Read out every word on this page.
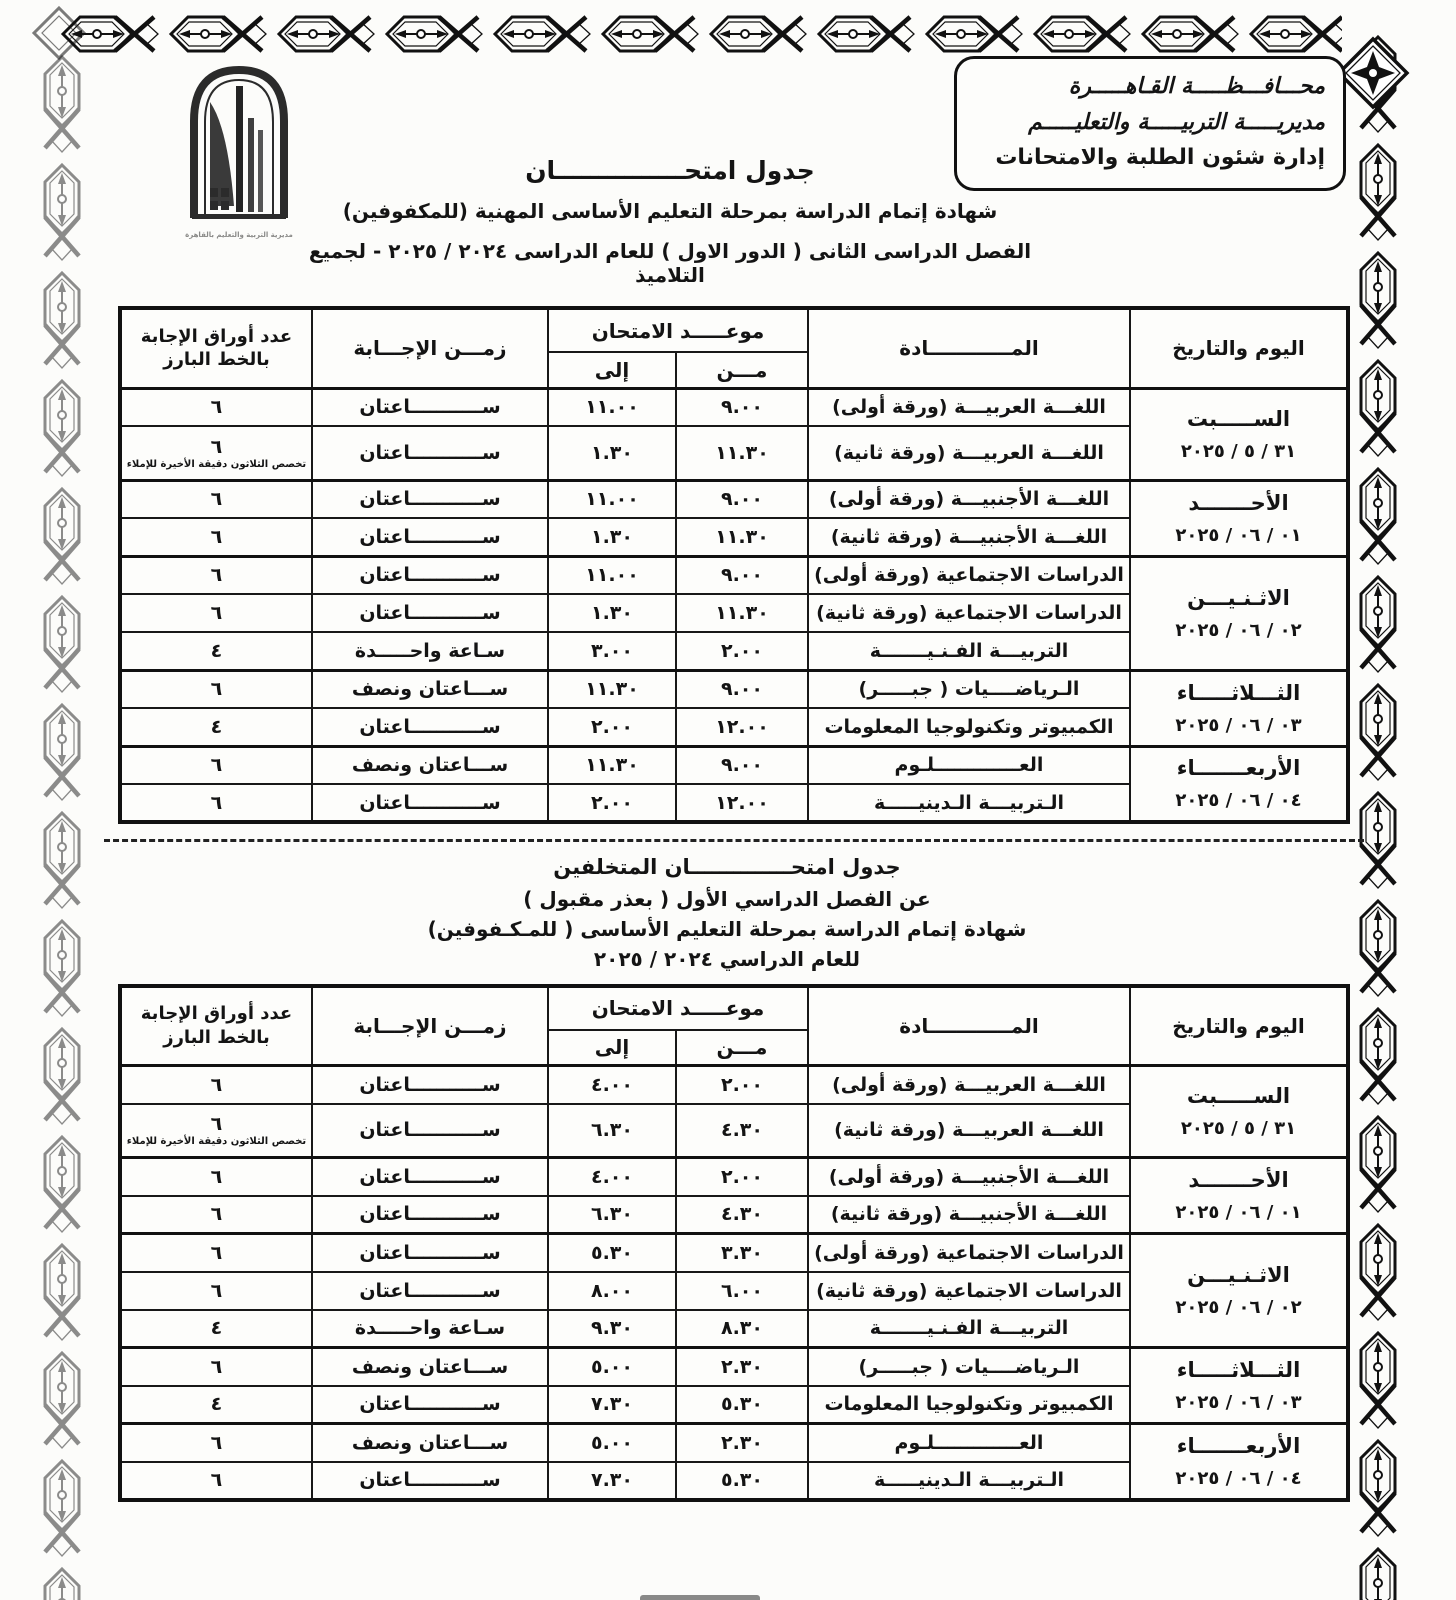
محـــافـــظـــــة القـاهـــــرة
مديريـــــة التربيـــــة والتعليـــــم
إدارة شئون الطلبة والامتحانات
مديرية التربية والتعليم بالقاهرة
جدول امتحـــــــــــــــان
شهادة إتمام الدراسة بمرحلة التعليم الأساسى المهنية (للمكفوفين)
الفصل الدراسى الثانى ( الدور الاول ) للعام الدراسى ٢٠٢٤ / ٢٠٢٥ - لجميع التلاميذ
اليوم والتاريخ	المــــــــــــادة	موعـــــد الامتحان		زمـــن الإجـــابة	عدد أوراق الإجابة
بالخط البارز

		مـــن	إلى		

الســـــبت
٣١ / ٥ / ٢٠٢٥	اللغـــة العربيـــة (ورقة أولى)	٩.٠٠	١١.٠٠	ســـــــــــاعتان	٦
	اللغـــة العربيـــة (ورقة ثانية)	١١.٣٠	١.٣٠	ســـــــــــاعتان	٦
تخصص الثلاثون دقيقة الأخيرة للإملاء

الأحـــــــد
٠١ / ٠٦ / ٢٠٢٥	اللغـــة الأجنبيـــة (ورقة أولى)	٩.٠٠	١١.٠٠	ســـــــــــاعتان	٦
	اللغـــة الأجنبيـــة (ورقة ثانية)	١١.٣٠	١.٣٠	ســـــــــــاعتان	٦

الاثـنـيـــن
٠٢ / ٠٦ / ٢٠٢٥	الدراسات الاجتماعية (ورقة أولى)	٩.٠٠	١١.٠٠	ســـــــــــاعتان	٦
	الدراسات الاجتماعية (ورقة ثانية)	١١.٣٠	١.٣٠	ســـــــــــاعتان	٦
	التربيـــة الفـنـيـــــــة	٢.٠٠	٣.٠٠	سـاعة واحـــــدة	٤

الثـــلاثـــــاء
٠٣ / ٠٦ / ٢٠٢٥	الـرياضــــيات ( جبـــــر)	٩.٠٠	١١.٣٠	ســـاعتان ونصف	٦
	الكمبيوتر وتكنولوجيا المعلومات	١٢.٠٠	٢.٠٠	ســـــــــــاعتان	٤

الأربعـــــــاء
٠٤ / ٠٦ / ٢٠٢٥	العـــــــــــــلـوم	٩.٠٠	١١.٣٠	ســـاعتان ونصف	٦
	الـتربيـــة الـدينيـــــة	١٢.٠٠	٢.٠٠	ســـــــــــاعتان	٦
جدول امتحــــــــــــــان المتخلفين
عن الفصل الدراسي الأول ( بعذر مقبول )
شهادة إتمام الدراسة بمرحلة التعليم الأساسى ( للمـكـفوفين)
للعام الدراسي ٢٠٢٤ / ٢٠٢٥
اليوم والتاريخ	المــــــــــــادة	موعـــــد الامتحان		زمـــن الإجـــابة	عدد أوراق الإجابة
بالخط البارز

		مـــن	إلى		

الســـــبت
٣١ / ٥ / ٢٠٢٥	اللغـــة العربيـــة (ورقة أولى)	٢.٠٠	٤.٠٠	ســـــــــــاعتان	٦
	اللغـــة العربيـــة (ورقة ثانية)	٤.٣٠	٦.٣٠	ســـــــــــاعتان	٦
تخصص الثلاثون دقيقة الأخيرة للإملاء

الأحـــــــد
٠١ / ٠٦ / ٢٠٢٥	اللغـــة الأجنبيـــة (ورقة أولى)	٢.٠٠	٤.٠٠	ســـــــــــاعتان	٦
	اللغـــة الأجنبيـــة (ورقة ثانية)	٤.٣٠	٦.٣٠	ســـــــــــاعتان	٦

الاثـنـيـــن
٠٢ / ٠٦ / ٢٠٢٥	الدراسات الاجتماعية (ورقة أولى)	٣.٣٠	٥.٣٠	ســـــــــــاعتان	٦
	الدراسات الاجتماعية (ورقة ثانية)	٦.٠٠	٨.٠٠	ســـــــــــاعتان	٦
	التربيـــة الفـنـيـــــــة	٨.٣٠	٩.٣٠	سـاعة واحـــــدة	٤

الثـــلاثـــــاء
٠٣ / ٠٦ / ٢٠٢٥	الـرياضــــيات ( جبـــــر)	٢.٣٠	٥.٠٠	ســـاعتان ونصف	٦
	الكمبيوتر وتكنولوجيا المعلومات	٥.٣٠	٧.٣٠	ســـــــــــاعتان	٤

الأربعـــــــاء
٠٤ / ٠٦ / ٢٠٢٥	العـــــــــــــلـوم	٢.٣٠	٥.٠٠	ســـاعتان ونصف	٦
	الـتربيـــة الـدينيـــــة	٥.٣٠	٧.٣٠	ســـــــــــاعتان	٦
